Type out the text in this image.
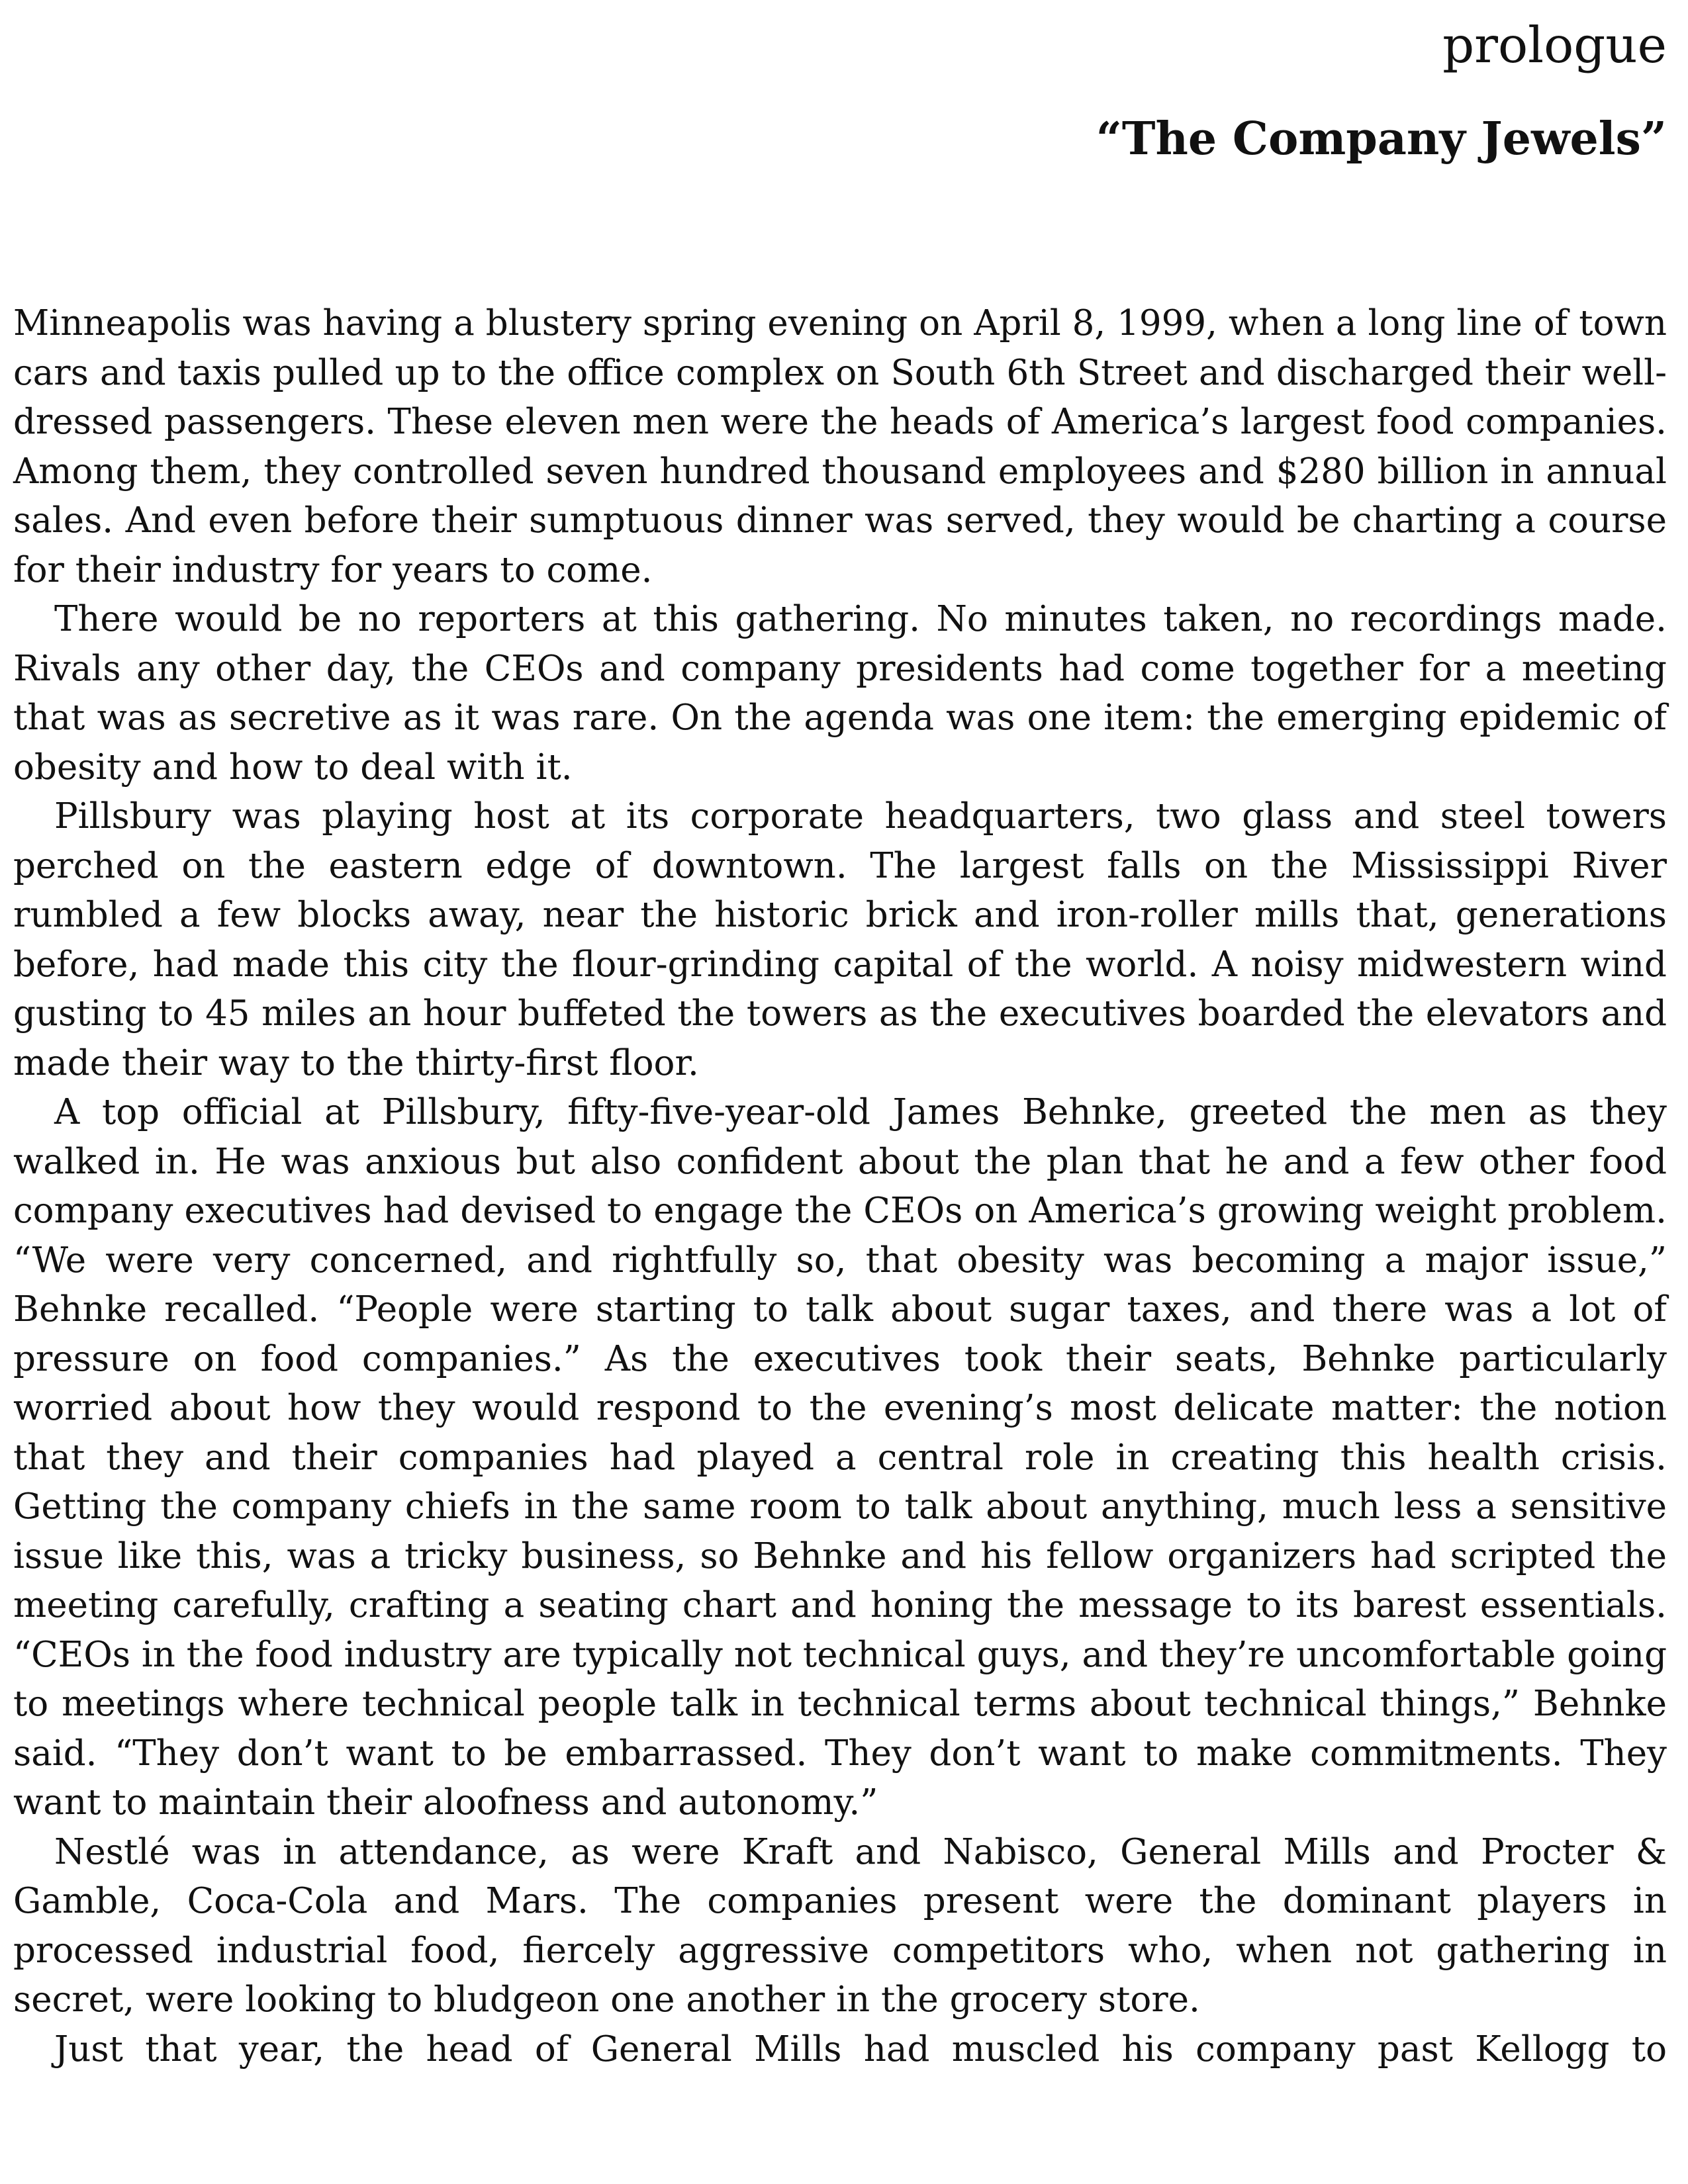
prologue
“The Company Jewels”

Minneapolis was having a blustery spring evening on April 8, 1999, when a long line of town cars and taxis pulled up to the office complex on South 6th Street and discharged their well-dressed passengers. These eleven men were the heads of America’s largest food companies. Among them, they controlled seven hundred thousand employees and $280 billion in annual sales. And even before their sumptuous dinner was served, they would be charting a course for their industry for years to come.

There would be no reporters at this gathering. No minutes taken, no recordings made. Rivals any other day, the CEOs and company presidents had come together for a meeting that was as secretive as it was rare. On the agenda was one item: the emerging epidemic of obesity and how to deal with it.

Pillsbury was playing host at its corporate headquarters, two glass and steel towers perched on the eastern edge of downtown. The largest falls on the Mississippi River rumbled a few blocks away, near the historic brick and iron-roller mills that, generations before, had made this city the flour-grinding capital of the world. A noisy midwestern wind gusting to 45 miles an hour buffeted the towers as the executives boarded the elevators and made their way to the thirty-first floor.

A top official at Pillsbury, fifty-five-year-old James Behnke, greeted the men as they walked in. He was anxious but also confident about the plan that he and a few other food company executives had devised to engage the CEOs on America’s growing weight problem. “We were very concerned, and rightfully so, that obesity was becoming a major issue,” Behnke recalled. “People were starting to talk about sugar taxes, and there was a lot of pressure on food companies.” As the executives took their seats, Behnke particularly worried about how they would respond to the evening’s most delicate matter: the notion that they and their companies had played a central role in creating this health crisis. Getting the company chiefs in the same room to talk about anything, much less a sensitive issue like this, was a tricky business, so Behnke and his fellow organizers had scripted the meeting carefully, crafting a seating chart and honing the message to its barest essentials. “CEOs in the food industry are typically not technical guys, and they’re uncomfortable going to meetings where technical people talk in technical terms about technical things,” Behnke said. “They don’t want to be embarrassed. They don’t want to make commitments. They want to maintain their aloofness and autonomy.”

Nestlé was in attendance, as were Kraft and Nabisco, General Mills and Procter & Gamble, Coca-Cola and Mars. The companies present were the dominant players in processed industrial food, fiercely aggressive competitors who, when not gathering in secret, were looking to bludgeon one another in the grocery store.

Just that year, the head of General Mills had muscled his company past Kellogg to
